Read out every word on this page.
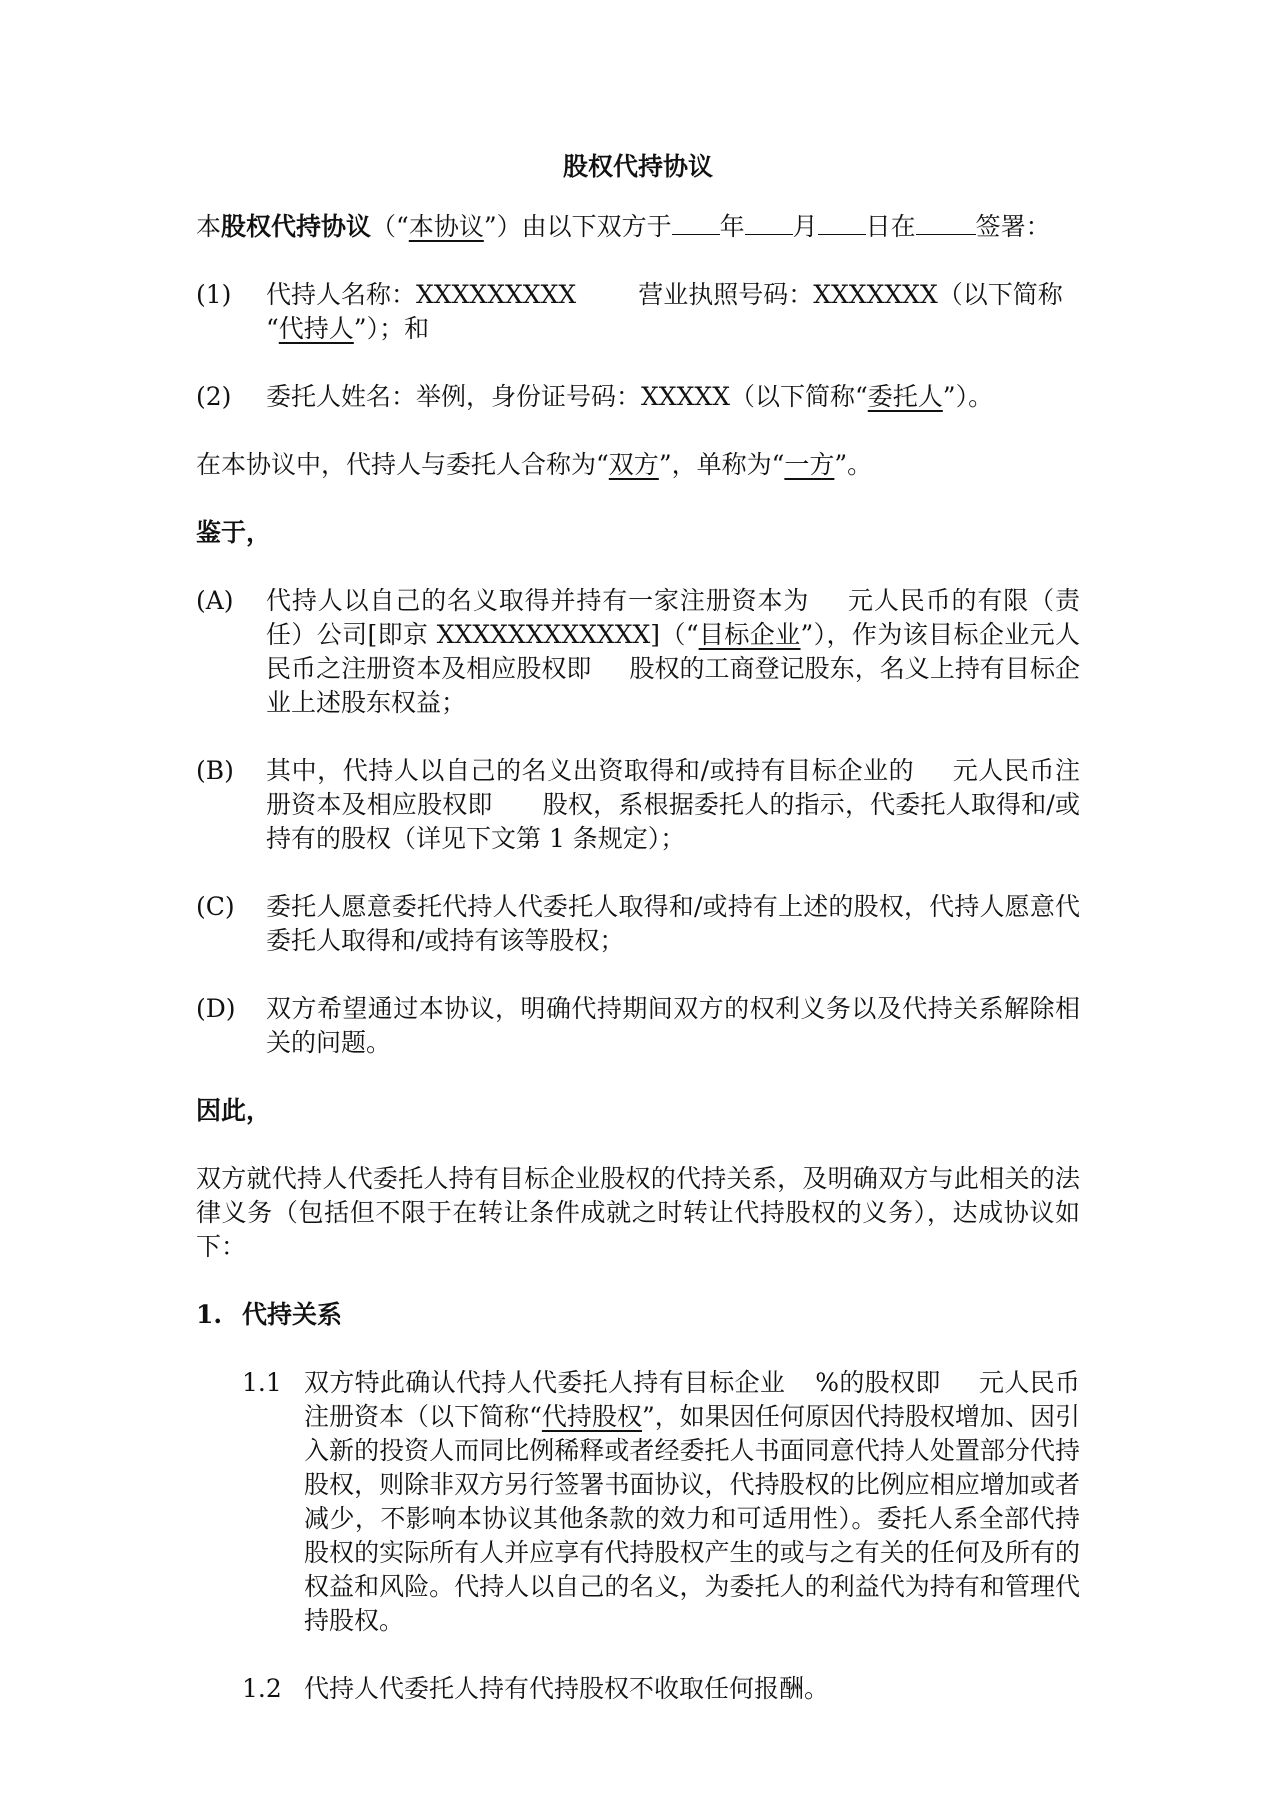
股权代持协议

本股权代持协议（“本协议”）由以下双方于 年 月 日在 签署：

(1)	代持人名称：XXXXXXXXX 营业执照号码：XXXXXXX（以下简称
“代持人”）；和
(2)	委托人姓名：举例，身份证号码：XXXXX（以下简称“委托人”）。

在本协议中，代持人与委托人合称为“双方”，单称为“一方”。

鉴于，

(A)	代持人以自己的名义取得并持有一家注册资本为 元人民币的有限（责任）公司[即京 XXXXXXXXXXXX]（“目标企业”），作为该目标企业元人民币之注册资本及相应股权即 股权的工商登记股东，名义上持有目标企业上述股东权益；
(B)	其中，代持人以自己的名义出资取得和/或持有目标企业的 元人民币注册资本及相应股权即 股权，系根据委托人的指示，代委托人取得和/或持有的股权（详见下文第 1 条规定）；
(C)	委托人愿意委托代持人代委托人取得和/或持有上述的股权，代持人愿意代委托人取得和/或持有该等股权；
(D)	双方希望通过本协议，明确代持期间双方的权利义务以及代持关系解除相关的问题。

因此，

双方就代持人代委托人持有目标企业股权的代持关系，及明确双方与此相关的法律义务（包括但不限于在转让条件成就之时转让代持股权的义务），达成协议如下：

1. 代持关系
1.1 双方特此确认代持人代委托人持有目标企业 %的股权即 元人民币注册资本（以下简称“代持股权”，如果因任何原因代持股权增加、因引入新的投资人而同比例稀释或者经委托人书面同意代持人处置部分代持股权，则除非双方另行签署书面协议，代持股权的比例应相应增加或者减少，不影响本协议其他条款的效力和可适用性）。委托人系全部代持股权的实际所有人并应享有代持股权产生的或与之有关的任何及所有的权益和风险。代持人以自己的名义，为委托人的利益代为持有和管理代持股权。
1.2 代持人代委托人持有代持股权不收取任何报酬。
